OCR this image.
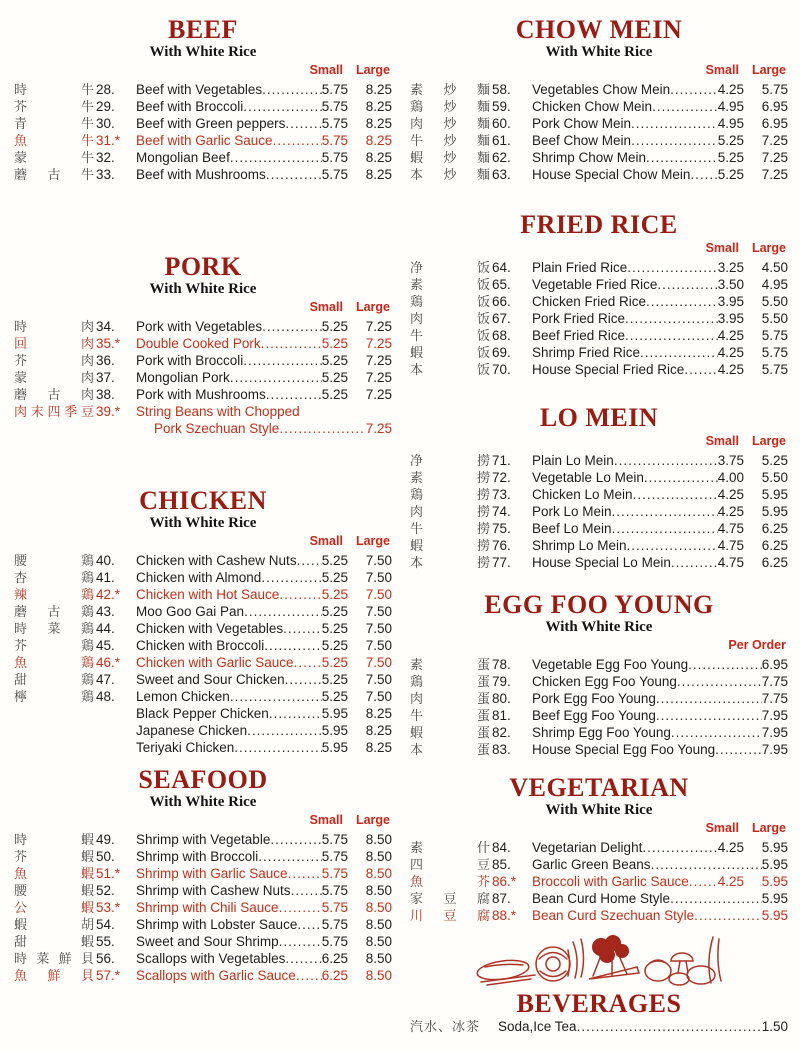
BEEF
With White Rice
Small Large
時	牛 28.	Beef with Vegetables .....	5.75	8.25
芥	牛 29.	Beef with Broccoli .....	5.75	8.25
青	牛 30.	Beef with Green peppers .....	5.75	8.25
魚	牛 31.*	Beef with Garlic Sauce .....	5.75	8.25
蒙	牛 32.	Mongolian Beef .....	5.75	8.25
蘑 古 牛 33.	Beef with Mushrooms .....	5.75	8.25
PORK
With White Rice
Small Large
時	肉 34.	Pork with Vegetables .....	5.25	7.25
回	肉 35.*	Double Cooked Pork .....	5.25	7.25
芥	肉 36.	Pork with Broccoli .....	5.25	7.25
蒙	肉 37.	Mongolian Pork .....	5.25	7.25
蘑 古 肉 38.	Pork with Mushrooms .....	5.25	7.25
肉 末 四 季 豆 39.*	String Beans with Chopped
Pork Szechuan Style .....	7.25
CHICKEN
With White Rice
Small Large
腰	鶏 40.	Chicken with Cashew Nuts ..... 5.25	7.50
杏	鶏 41.	Chicken with Almond .....	5.25	7.50
辣	鶏 42.*	Chicken with Hot Sauce .....	5.25	7.50
蘑 古 鶏 43.	Moo Goo Gai Pan .....	5.25	7.50
時 菜 鶏 44.	Chicken with Vegetables .....	5.25	7.50
芥	鶏 45.	Chicken with Broccoli .....	5.25	7.50
魚	鶏 46.*	Chicken with Garlic Sauce ..... 5.25	7.50
甜	鶏 47.	Sweet and Sour Chicken .....	5.25	7.50
檸	鶏 48.	Lemon Chicken .....	5.25	7.50
Black Pepper Chicken .....	5.95	8.25
Japanese Chicken .....	5.95	8.25
Teriyaki Chicken .....	5.95	8.25
SEAFOOD
With White Rice
Small Large
時	蝦 49.	Shrimp with Vegetable .....	5.75	8.50
芥	蝦 50.	Shrimp with Broccoli .....	5.75	8.50
魚	蝦 51.*	Shrimp with Garlic Sauce .....	5.75	8.50
腰	蝦 52.	Shrimp with Cashew Nuts ..... 5.75	8.50
公	蝦 53.*	Shrimp with Chili Sauce .....	5.75	8.50
蝦	胡 54.	Shrimp with Lobster Sauce ..... 5.75	8.50
甜	蝦 55.	Sweet and Sour Shrimp .....	5.75	8.50
時 菜 鮮 貝 56.	Scallops with Vegetables .....	6.25	8.50
魚 鮮 貝 57.*	Scallops with Garlic Sauce ..... 6.25	8.50
CHOW MEIN
With White Rice
Small Large
素 炒 麵 58.	Vegetables Chow Mein .....	4.25	5.75
鶏 炒 麵 59.	Chicken Chow Mein .....	4.95	6.95
肉 炒 麵 60.	Pork Chow Mein .....	4.95	6.95
牛 炒 麵 61.	Beef Chow Mein .....	5.25	7.25
蝦 炒 麵 62.	Shrimp Chow Mein .....	5.25	7.25
本 炒 麵 63.	House Special Chow Mein ..... 5.25	7.25
FRIED RICE
Small Large
净	饭 64.	Plain Fried Rice .....	3.25	4.50
素	饭 65.	Vegetable Fried Rice .....	3.50	4.95
鶏	饭 66.	Chicken Fried Rice .....	3.95	5.50
肉	饭 67.	Pork Fried Rice .....	3.95	5.50
牛	饭 68.	Beef Fried Rice .....	4.25	5.75
蝦	饭 69.	Shrimp Fried Rice .....	4.25	5.75
本	饭 70.	House Special Fried Rice ..... 4.25	5.75
LO MEIN
Small Large
净	撈 71.	Plain Lo Mein .....	3.75	5.25
素	撈 72.	Vegetable Lo Mein .....	4.00	5.50
鶏	撈 73.	Chicken Lo Mein .....	4.25	5.95
肉	撈 74.	Pork Lo Mein .....	4.25	5.95
牛	撈 75.	Beef Lo Mein .....	4.75	6.25
蝦	撈 76.	Shrimp Lo Mein .....	4.75	6.25
本	撈 77.	House Special Lo Mein .....	4.75	6.25
EGG FOO YOUNG
With White Rice
Per Order
素	蛋 78.	Vegetable Egg Foo Young .....	6.95
鶏	蛋 79.	Chicken Egg Foo Young .....	7.75
肉	蛋 80.	Pork Egg Foo Young .....	7.75
牛	蛋 81.	Beef Egg Foo Young .....	7.95
蝦	蛋 82.	Shrimp Egg Foo Young .....	7.95
本	蛋 83.	House Special Egg Foo Young .....	7.95
VEGETARIAN
With White Rice
Small Large
素	什 84.	Vegetarian Delight .....	4.25	5.95
四	豆 85.	Garlic Green Beans .....	5.95
魚	芥 86.*	Broccoli with Garlic Sauce ..... 4.25	5.95
家 豆 腐 87.	Bean Curd Home Style .....	5.95
川 豆 腐 88.*	Bean Curd Szechuan Style .....	5.95
BEVERAGES
汽水、冰茶	Soda,Ice Tea .....	1.50
